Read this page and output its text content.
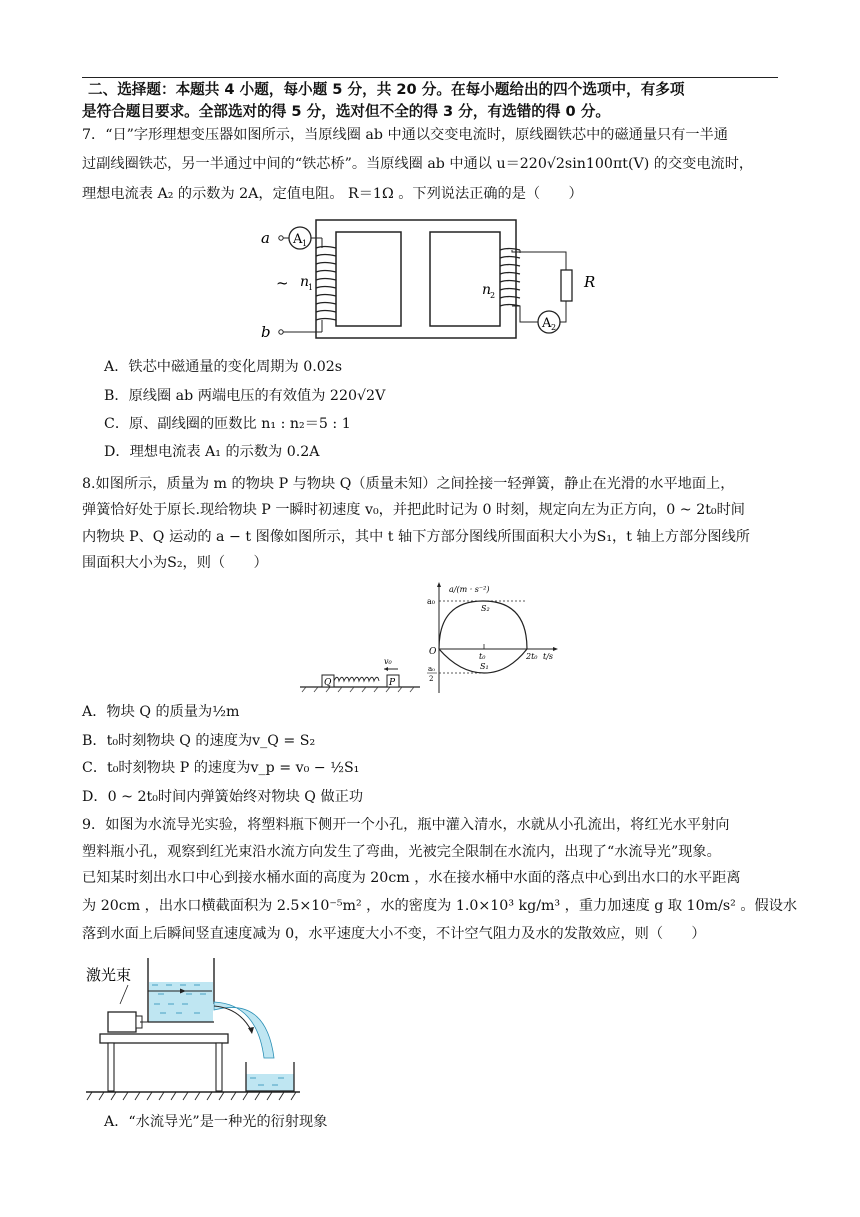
二、选择题：本题共 4 小题，每小题 5 分，共 20 分。在每小题给出的四个选项中，有多项
是符合题目要求。全部选对的得 5 分，选对但不全的得 3 分，有选错的得 0 分。
7．“日”字形理想变压器如图所示，当原线圈 ab 中通以交变电流时，原线圈铁芯中的磁通量只有一半通
过副线圈铁芯，另一半通过中间的“铁芯桥”。当原线圈 ab 中通以 u＝220√2sin100πt(V) 的交变电流时，
理想电流表 A₂ 的示数为 2A，定值电阻。 R＝1Ω 。下列说法正确的是（　　）
a
b
A 1
~ n
1	n
2
R
A 2
A．铁芯中磁通量的变化周期为 0.02s
B．原线圈 ab 两端电压的有效值为 220√2V
C．原、副线圈的匝数比 n₁ : n₂＝5 : 1
D．理想电流表 A₁ 的示数为 0.2A
8.如图所示，质量为 m 的物块 P 与物块 Q（质量未知）之间拴接一轻弹簧，静止在光滑的水平地面上，
弹簧恰好处于原长.现给物块 P 一瞬时初速度 v₀，并把此时记为 0 时刻，规定向左为正方向，0 ~ 2t₀时间
内物块 P、Q 运动的 a − t 图像如图所示，其中 t 轴下方部分图线所围面积大小为S₁，t 轴上方部分图线所
围面积大小为S₂，则（　　）
Q	P
v₀
a/(m · s⁻²)
t/s
a₀
O
a₀
2
t₀	2t₀
S₂
S₁
A．物块 Q 的质量为½m
B．t₀时刻物块 Q 的速度为v_Q = S₂
C．t₀时刻物块 P 的速度为v_p = v₀ − ½S₁
D．0 ~ 2t₀时间内弹簧始终对物块 Q 做正功
9．如图为水流导光实验，将塑料瓶下侧开一个小孔，瓶中灌入清水，水就从小孔流出，将红光水平射向
塑料瓶小孔，观察到红光束沿水流方向发生了弯曲，光被完全限制在水流内，出现了“水流导光”现象。
已知某时刻出水口中心到接水桶水面的高度为 20cm ，水在接水桶中水面的落点中心到出水口的水平距离
为 20cm ，出水口横截面积为 2.5×10⁻⁵m² ，水的密度为 1.0×10³ kg/m³ ，重力加速度 g 取 10m/s² 。假设水
落到水面上后瞬间竖直速度减为 0，水平速度大小不变，不计空气阻力及水的发散效应，则（　　）
激光束
A．“水流导光”是一种光的衍射现象
